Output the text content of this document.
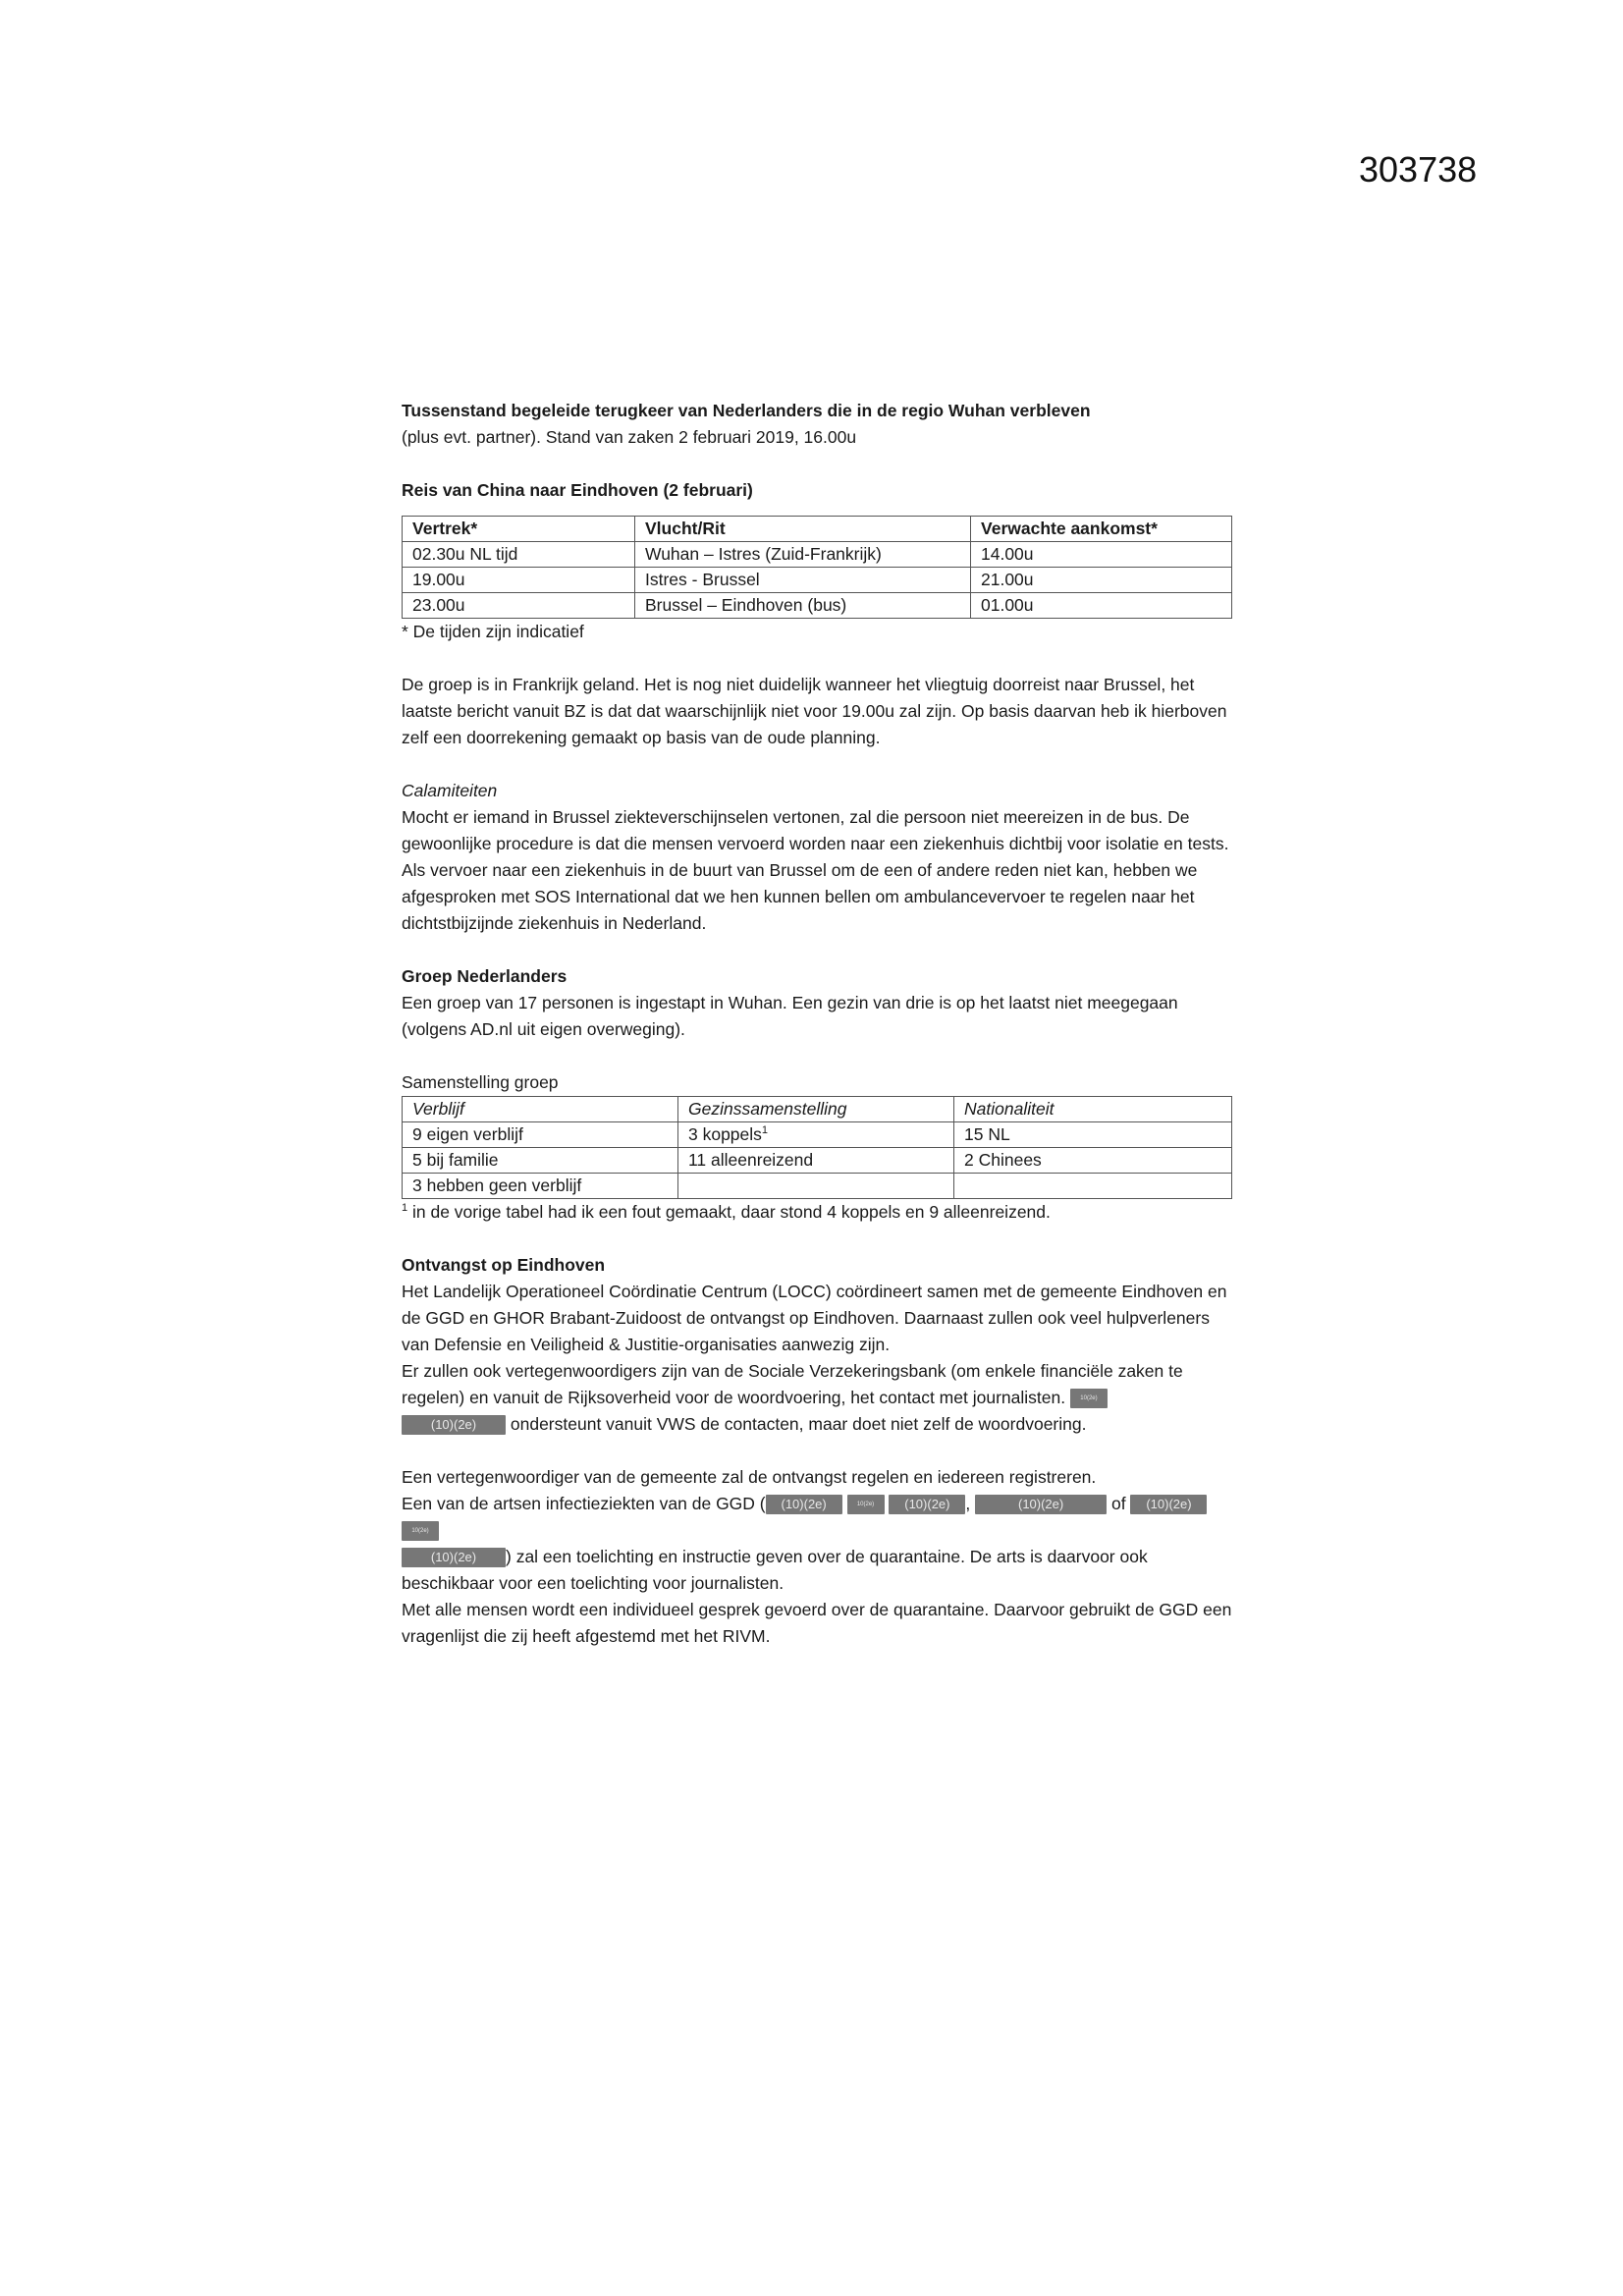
303738

Tussenstand begeleide terugkeer van Nederlanders die in de regio Wuhan verbleven

(plus evt. partner). Stand van zaken 2 februari 2019, 16.00u

Reis van China naar Eindhoven (2 februari)

Vertrek*	Vlucht/Rit	Verwachte aankomst*
02.30u NL tijd	Wuhan – Istres (Zuid-Frankrijk)	14.00u
19.00u	Istres - Brussel	21.00u
23.00u	Brussel – Eindhoven (bus)	01.00u

* De tijden zijn indicatief

De groep is in Frankrijk geland. Het is nog niet duidelijk wanneer het vliegtuig doorreist naar Brussel, het laatste bericht vanuit BZ is dat dat waarschijnlijk niet voor 19.00u zal zijn. Op basis daarvan heb ik hierboven zelf een doorrekening gemaakt op basis van de oude planning.

Calamiteiten

Mocht er iemand in Brussel ziekteverschijnselen vertonen, zal die persoon niet meereizen in de bus. De gewoonlijke procedure is dat die mensen vervoerd worden naar een ziekenhuis dichtbij voor isolatie en tests. Als vervoer naar een ziekenhuis in de buurt van Brussel om de een of andere reden niet kan, hebben we afgesproken met SOS International dat we hen kunnen bellen om ambulancevervoer te regelen naar het dichtstbijzijnde ziekenhuis in Nederland.

Groep Nederlanders

Een groep van 17 personen is ingestapt in Wuhan. Een gezin van drie is op het laatst niet meegegaan (volgens AD.nl uit eigen overweging).

Samenstelling groep

Verblijf	Gezinssamenstelling	Nationaliteit
9 eigen verblijf	3 koppels$^1$	15 NL
5 bij familie	11 alleenreizend	2 Chinees
3 hebben geen verblijf		

$^1$ in de vorige tabel had ik een fout gemaakt, daar stond 4 koppels en 9 alleenreizend.

Ontvangst op Eindhoven

Het Landelijk Operationeel Coördinatie Centrum (LOCC) coördineert samen met de gemeente Eindhoven en de GGD en GHOR Brabant-Zuidoost de ontvangst op Eindhoven. Daarnaast zullen ook veel hulpverleners van Defensie en Veiligheid & Justitie-organisaties aanwezig zijn.

Er zullen ook vertegenwoordigers zijn van de Sociale Verzekeringsbank (om enkele financiële zaken te regelen) en vanuit de Rijksoverheid voor de woordvoering, het contact met journalisten.	10(2e)
(10)(2e) ondersteunt vanuit VWS de contacten, maar doet niet zelf de woordvoering.

Een vertegenwoordiger van de gemeente zal de ontvangst regelen en iedereen registreren.

Een van de artsen infectieziekten van de GGD ( (10)(2e)	10(2e) (10)(2e) ,	(10)(2e)	of (10)(2e) 10(2e)
(10)(2e) ) zal een toelichting en instructie geven over de quarantaine. De arts is daarvoor ook beschikbaar voor een toelichting voor journalisten.

Met alle mensen wordt een individueel gesprek gevoerd over de quarantaine. Daarvoor gebruikt de GGD een vragenlijst die zij heeft afgestemd met het RIVM.
